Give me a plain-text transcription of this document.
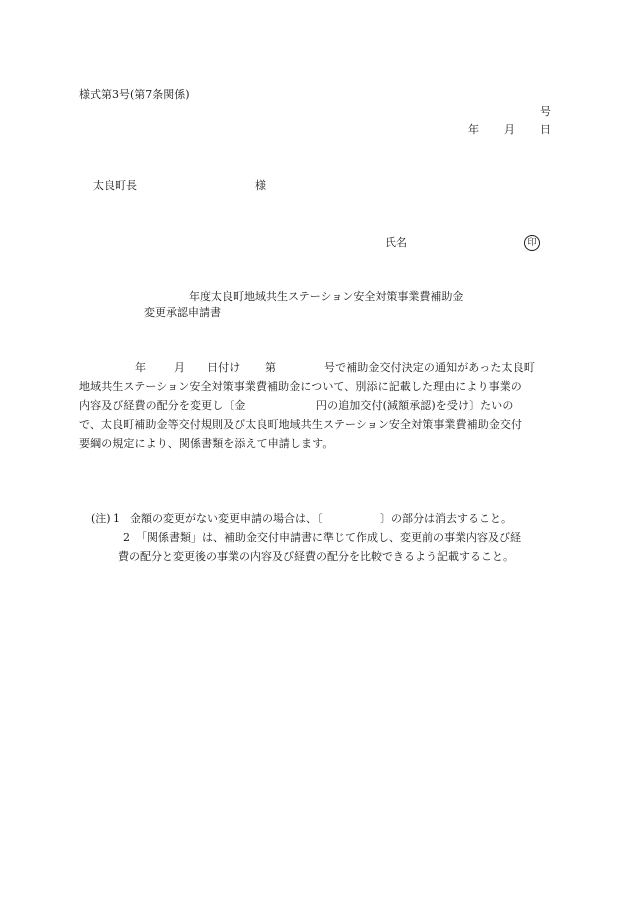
様式第3号(第7条関係)
号
年 月 日
太良町長	様
氏名	印
年度太良町地域共生ステーション安全対策事業費補助金
変更承認申請書
年	月 日付け 第	号で補助金交付決定の通知があった太良町
地域共生ステーション安全対策事業費補助金について、別添に記載した理由により事業の
内容及び経費の配分を変更し〔金	円の追加交付(減額承認)を受け〕たいの
で、太良町補助金等交付規則及び太良町地域共生ステーション安全対策事業費補助金交付
要綱の規定により、関係書類を添えて申請します。
(注) 1 金額の変更がない変更申請の場合は、〔	〕の部分は消去すること。
2 「関係書類」は、補助金交付申請書に準じて作成し、変更前の事業内容及び経
費の配分と変更後の事業の内容及び経費の配分を比較できるよう記載すること。
